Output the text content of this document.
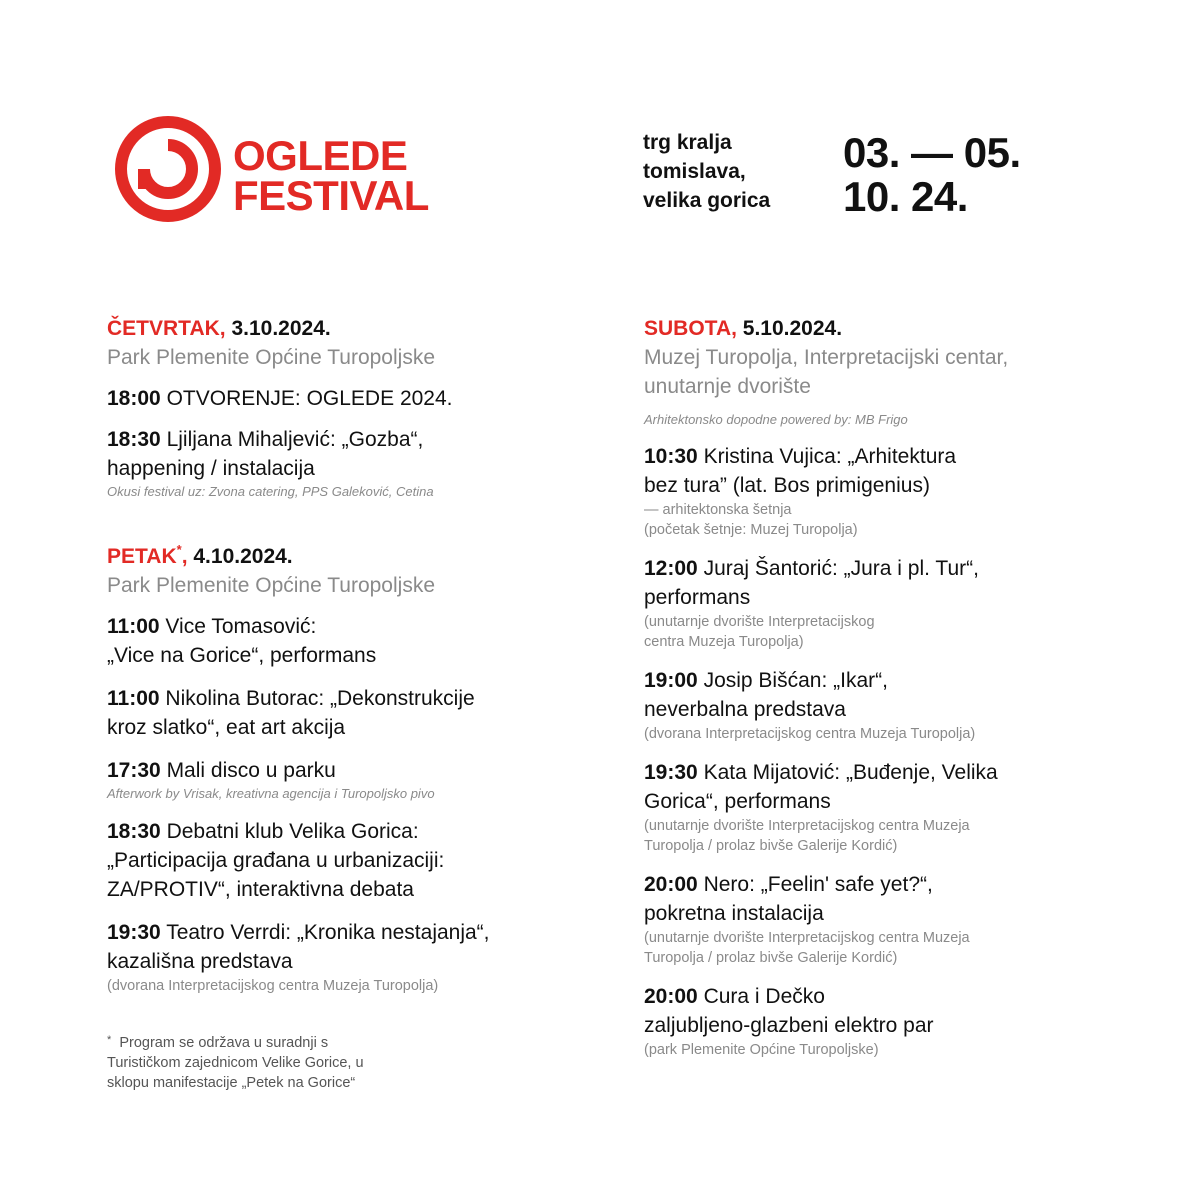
OGLEDE
FESTIVAL
trg kralja
tomislava,
velika gorica
03. — 05.
10. 24.

ČETVRTAK, 3.10.2024.

Park Plemenite Općine Turopoljske

18:00 OTVORENJE: OGLEDE 2024.

18:30 Ljiljana Mihaljević: „Gozba“,

happening / instalacija

Okusi festival uz: Zvona catering, PPS Galeković, Cetina

PETAK*, 4.10.2024.

Park Plemenite Općine Turopoljske

11:00 Vice Tomasović:

„Vice na Gorice“, performans

11:00 Nikolina Butorac: „Dekonstrukcije

kroz slatko“, eat art akcija

17:30 Mali disco u parku

Afterwork by Vrisak, kreativna agencija i Turopoljsko pivo

18:30 Debatni klub Velika Gorica:

„Participacija građana u urbanizaciji:

ZA/PROTIV“, interaktivna debata

19:30 Teatro Verrdi: „Kronika nestajanja“,

kazališna predstava

(dvorana Interpretacijskog centra Muzeja Turopolja)

* Program se održava u suradnji s

Turističkom zajednicom Velike Gorice, u

sklopu manifestacije „Petek na Gorice“

SUBOTA, 5.10.2024.

Muzej Turopolja, Interpretacijski centar,

unutarnje dvorište

Arhitektonsko dopodne powered by: MB Frigo

10:30 Kristina Vujica: „Arhitektura

bez tura” (lat. Bos primigenius)

— arhitektonska šetnja

(početak šetnje: Muzej Turopolja)

12:00 Juraj Šantorić: „Jura i pl. Tur“,

performans

(unutarnje dvorište Interpretacijskog

centra Muzeja Turopolja)

19:00 Josip Bišćan: „Ikar“,

neverbalna predstava

(dvorana Interpretacijskog centra Muzeja Turopolja)

19:30 Kata Mijatović: „Buđenje, Velika

Gorica“, performans

(unutarnje dvorište Interpretacijskog centra Muzeja

Turopolja / prolaz bivše Galerije Kordić)

20:00 Nero: „Feelin' safe yet?“,

pokretna instalacija

(unutarnje dvorište Interpretacijskog centra Muzeja

Turopolja / prolaz bivše Galerije Kordić)

20:00 Cura i Dečko

zaljubljeno-glazbeni elektro par

(park Plemenite Općine Turopoljske)
